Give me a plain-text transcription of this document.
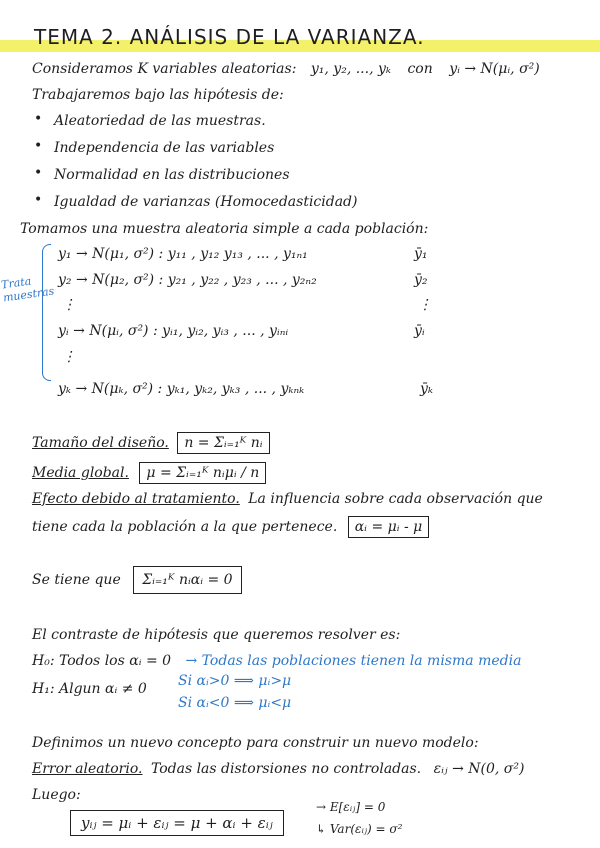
TEMA 2. ANÁLISIS DE LA VARIANZA.
Consideramos K variables aleatorias: y₁, y₂, ..., yₖ con yᵢ → N(μᵢ, σ²)
Trabajaremos bajo las hipótesis de:
• Aleatoriedad de las muestras.
• Independencia de las variables
• Normalidad en las distribuciones
• Igualdad de varianzas (Homocedasticidad)
Tomamos una muestra aleatoria simple a cada población:
Trata muestras
y₁ → N(μ₁, σ²) : y₁₁ , y₁₂ y₁₃ , ... , y₁ₙ₁	ȳ₁
y₂ → N(μ₂, σ²) : y₂₁ , y₂₂ , y₂₃ , ... , y₂ₙ₂	ȳ₂
⋮	⋮
yᵢ → N(μᵢ, σ²) : yᵢ₁, yᵢ₂, yᵢ₃ , ... , yᵢₙᵢ	ȳᵢ
⋮
yₖ → N(μₖ, σ²) : yₖ₁, yₖ₂, yₖ₃ , ... , yₖₙₖ	ȳₖ
Tamaño del diseño. n = Σᵢ₌₁ᴷ nᵢ
Media global. μ = Σᵢ₌₁ᴷ nᵢμᵢ / n
Efecto debido al tratamiento. La influencia sobre cada observación que
tiene cada la población a la que pertenece. αᵢ = μᵢ - μ
Se tiene que Σᵢ₌₁ᴷ nᵢαᵢ = 0
El contraste de hipótesis que queremos resolver es:
H₀: Todos los αᵢ = 0 → Todas las poblaciones tienen la misma media
H₁: Algun αᵢ ≠ 0 Si αᵢ>0 ⟹ μᵢ>μ
Si αᵢ<0 ⟹ μᵢ<μ
Definimos un nuevo concepto para construir un nuevo modelo:
Error aleatorio. Todas las distorsiones no controladas. εᵢⱼ → N(0, σ²)
Luego:
yᵢⱼ = μᵢ + εᵢⱼ = μ + αᵢ + εᵢⱼ
→ E[εᵢⱼ] = 0
↳ Var(εᵢⱼ) = σ²
